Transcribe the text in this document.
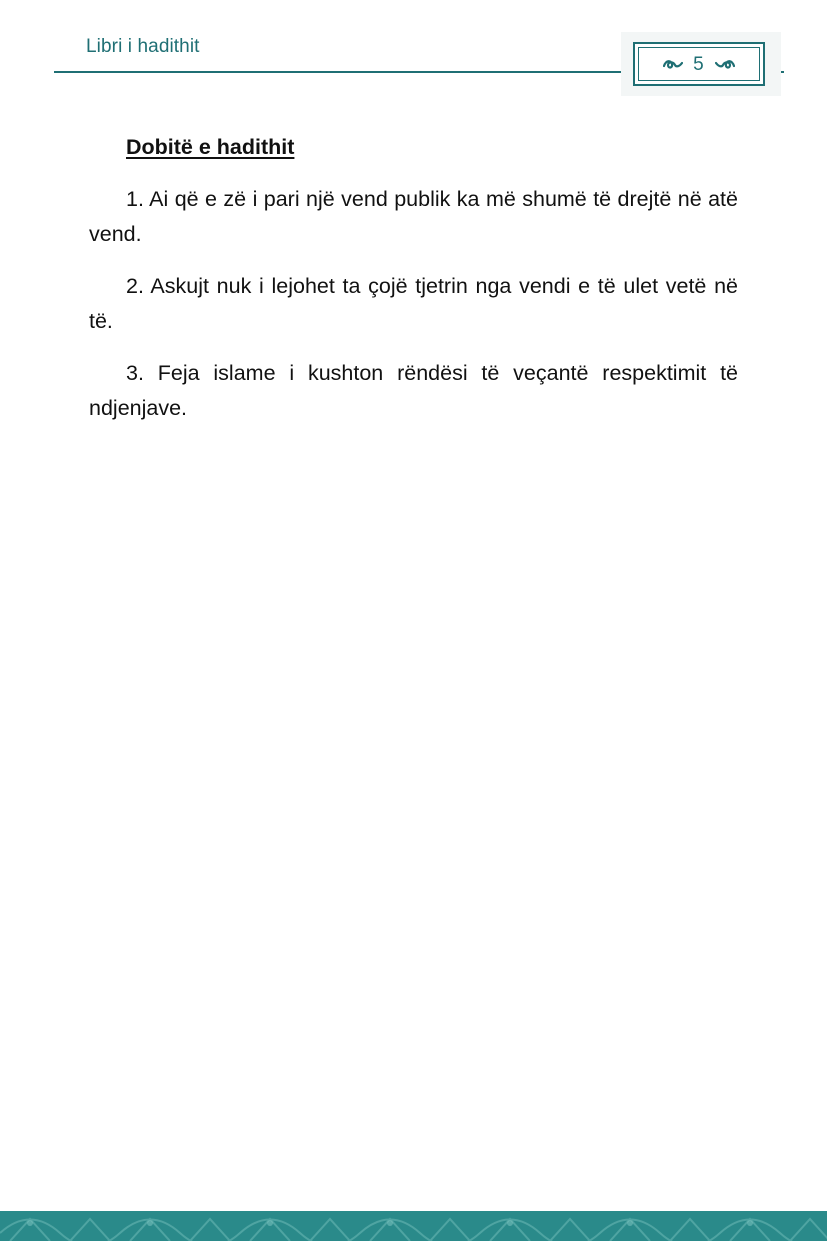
Libri i hadithit
5

Dobitë e hadithit

1. Ai që e zë i pari një vend publik ka më shumë të drejtë në atë vend.

2. Askujt nuk i lejohet ta çojë tjetrin nga vendi e të ulet vetë në të.

3. Feja islame i kushton rëndësi të veçantë respektimit të ndjenjave.
